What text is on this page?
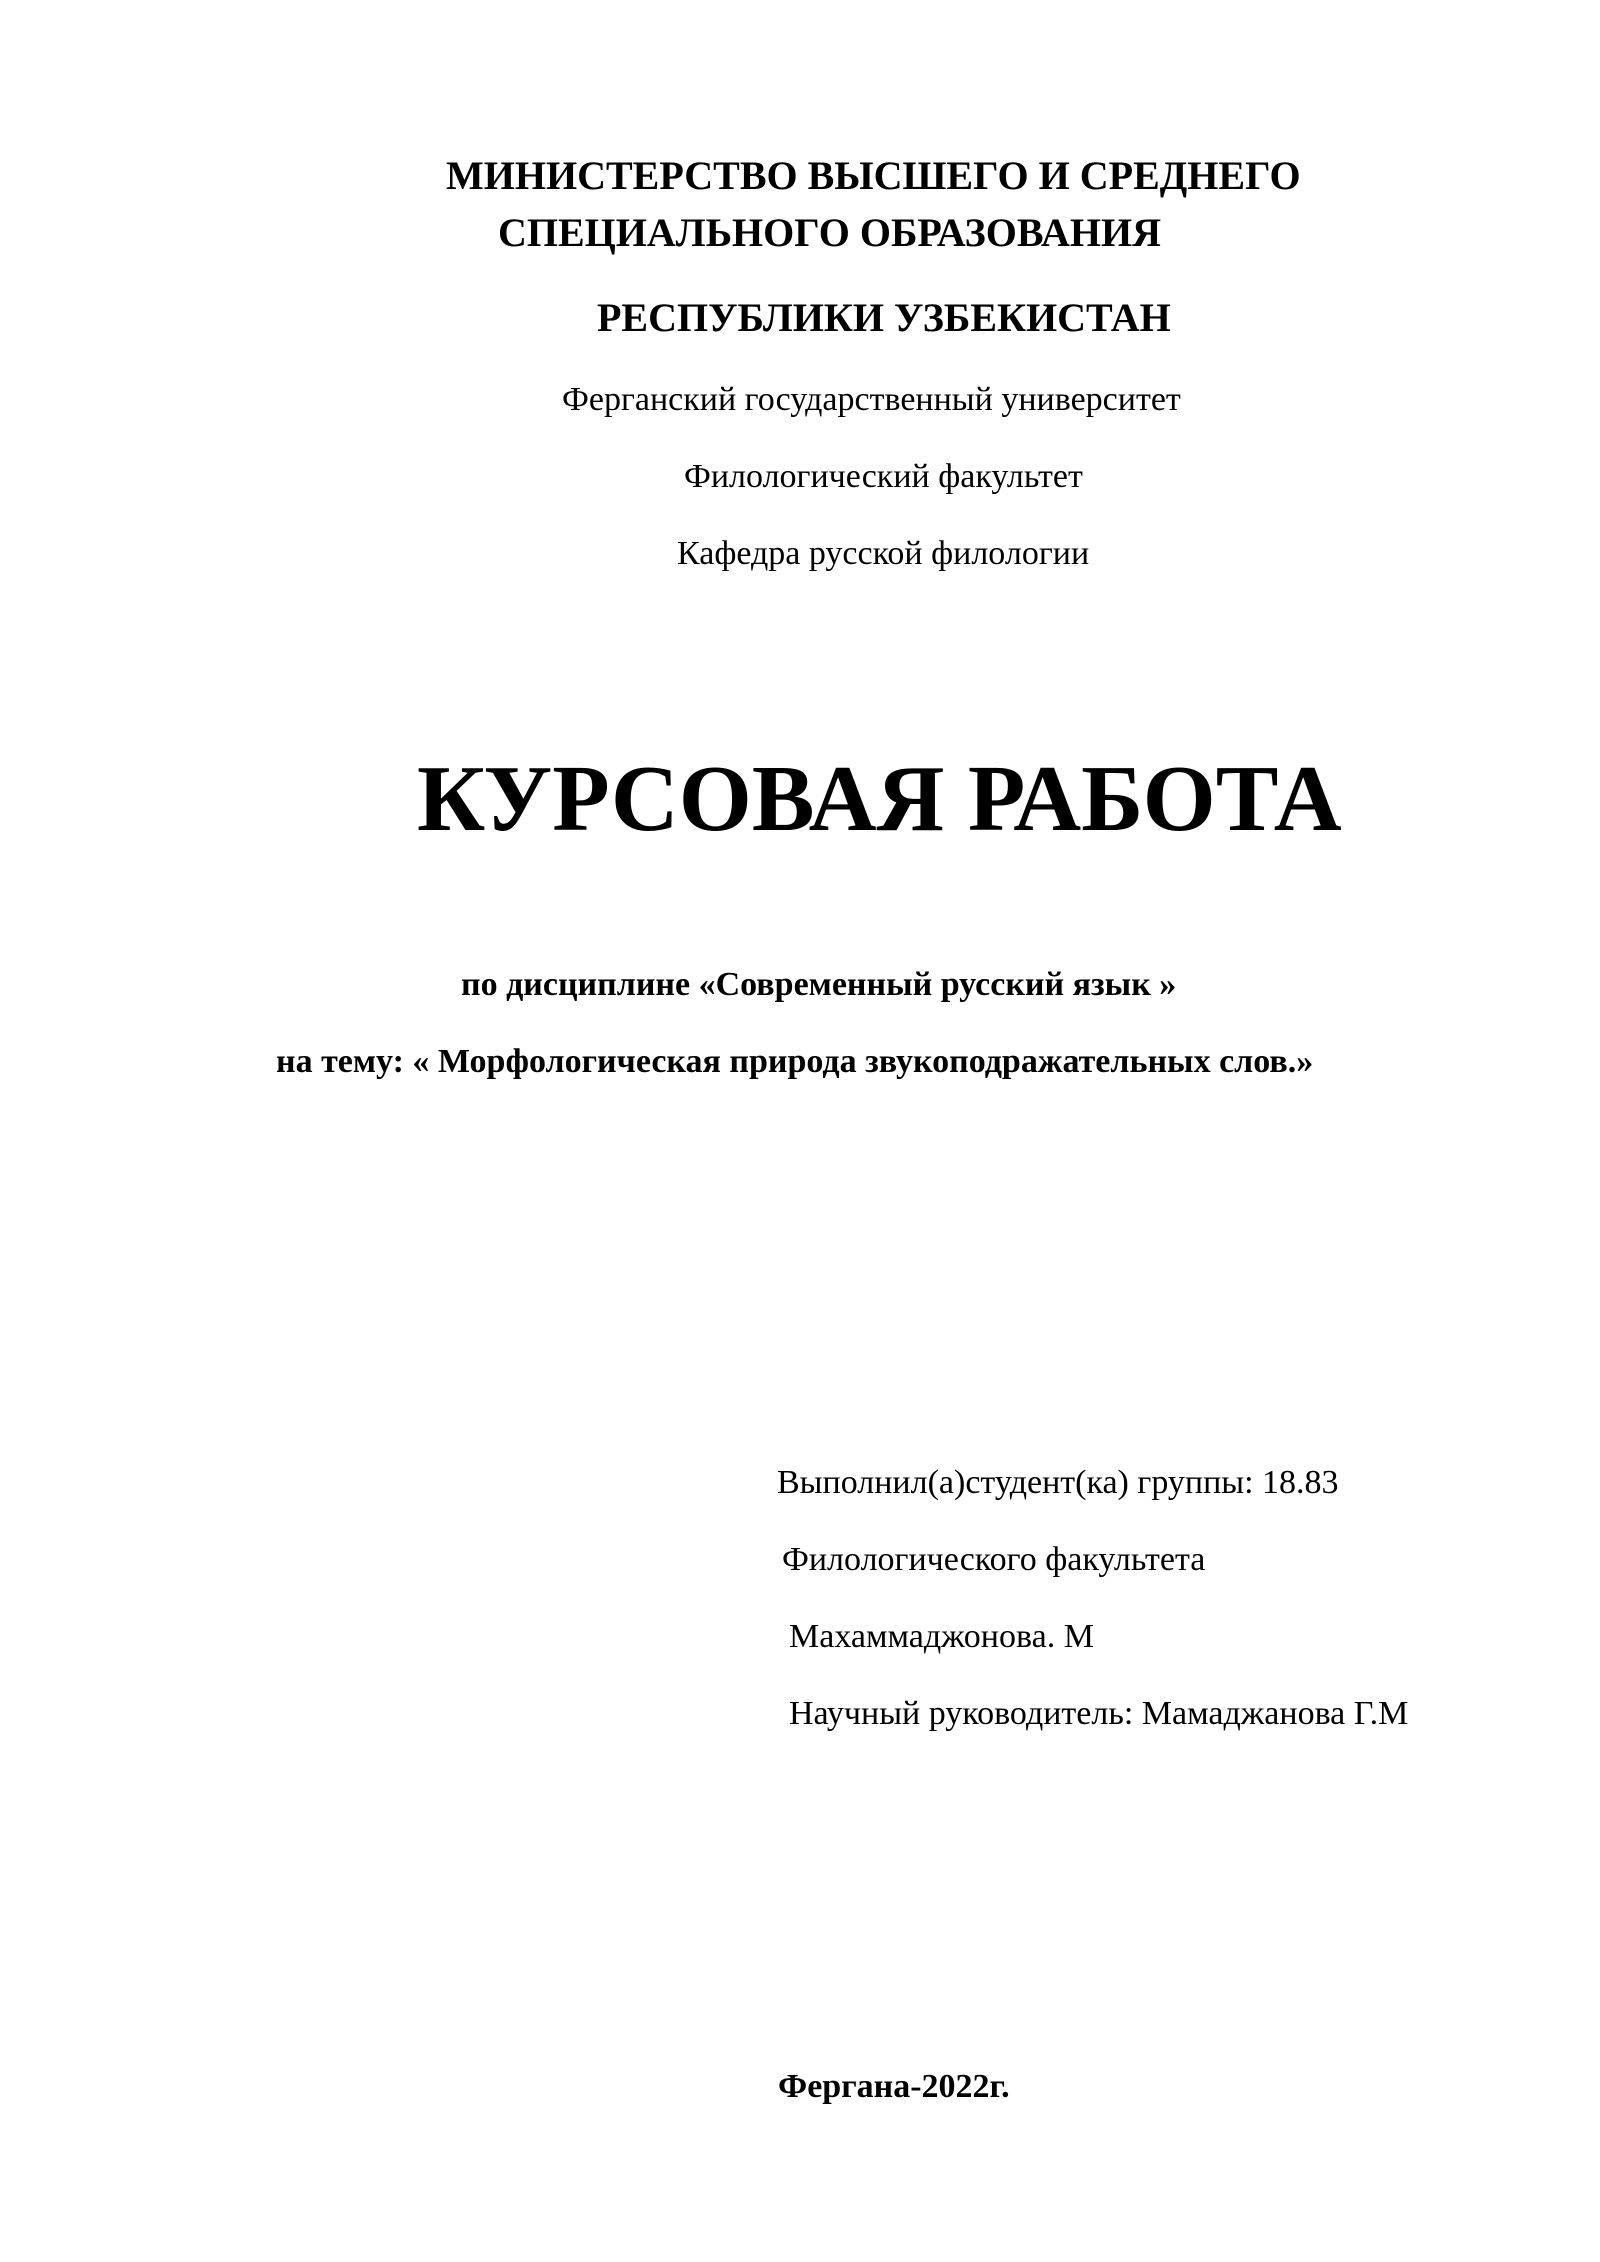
МИНИСТЕРСТВО ВЫСШЕГО И СРЕДНЕГО
СПЕЦИАЛЬНОГО ОБРАЗОВАНИЯ
РЕСПУБЛИКИ УЗБЕКИСТАН
Ферганский государственный университет
Филологический факультет
Кафедра русской филологии
КУРСОВАЯ РАБОТА
по дисциплине «Современный русский язык »
на тему: « Морфологическая природа звукоподражательных слов.»
Выполнил(а)студент(ка) группы: 18.83
Филологического факультета
Махаммаджонова. М
Научный руководитель: Мамаджанова Г.М
Фергана-2022г.
